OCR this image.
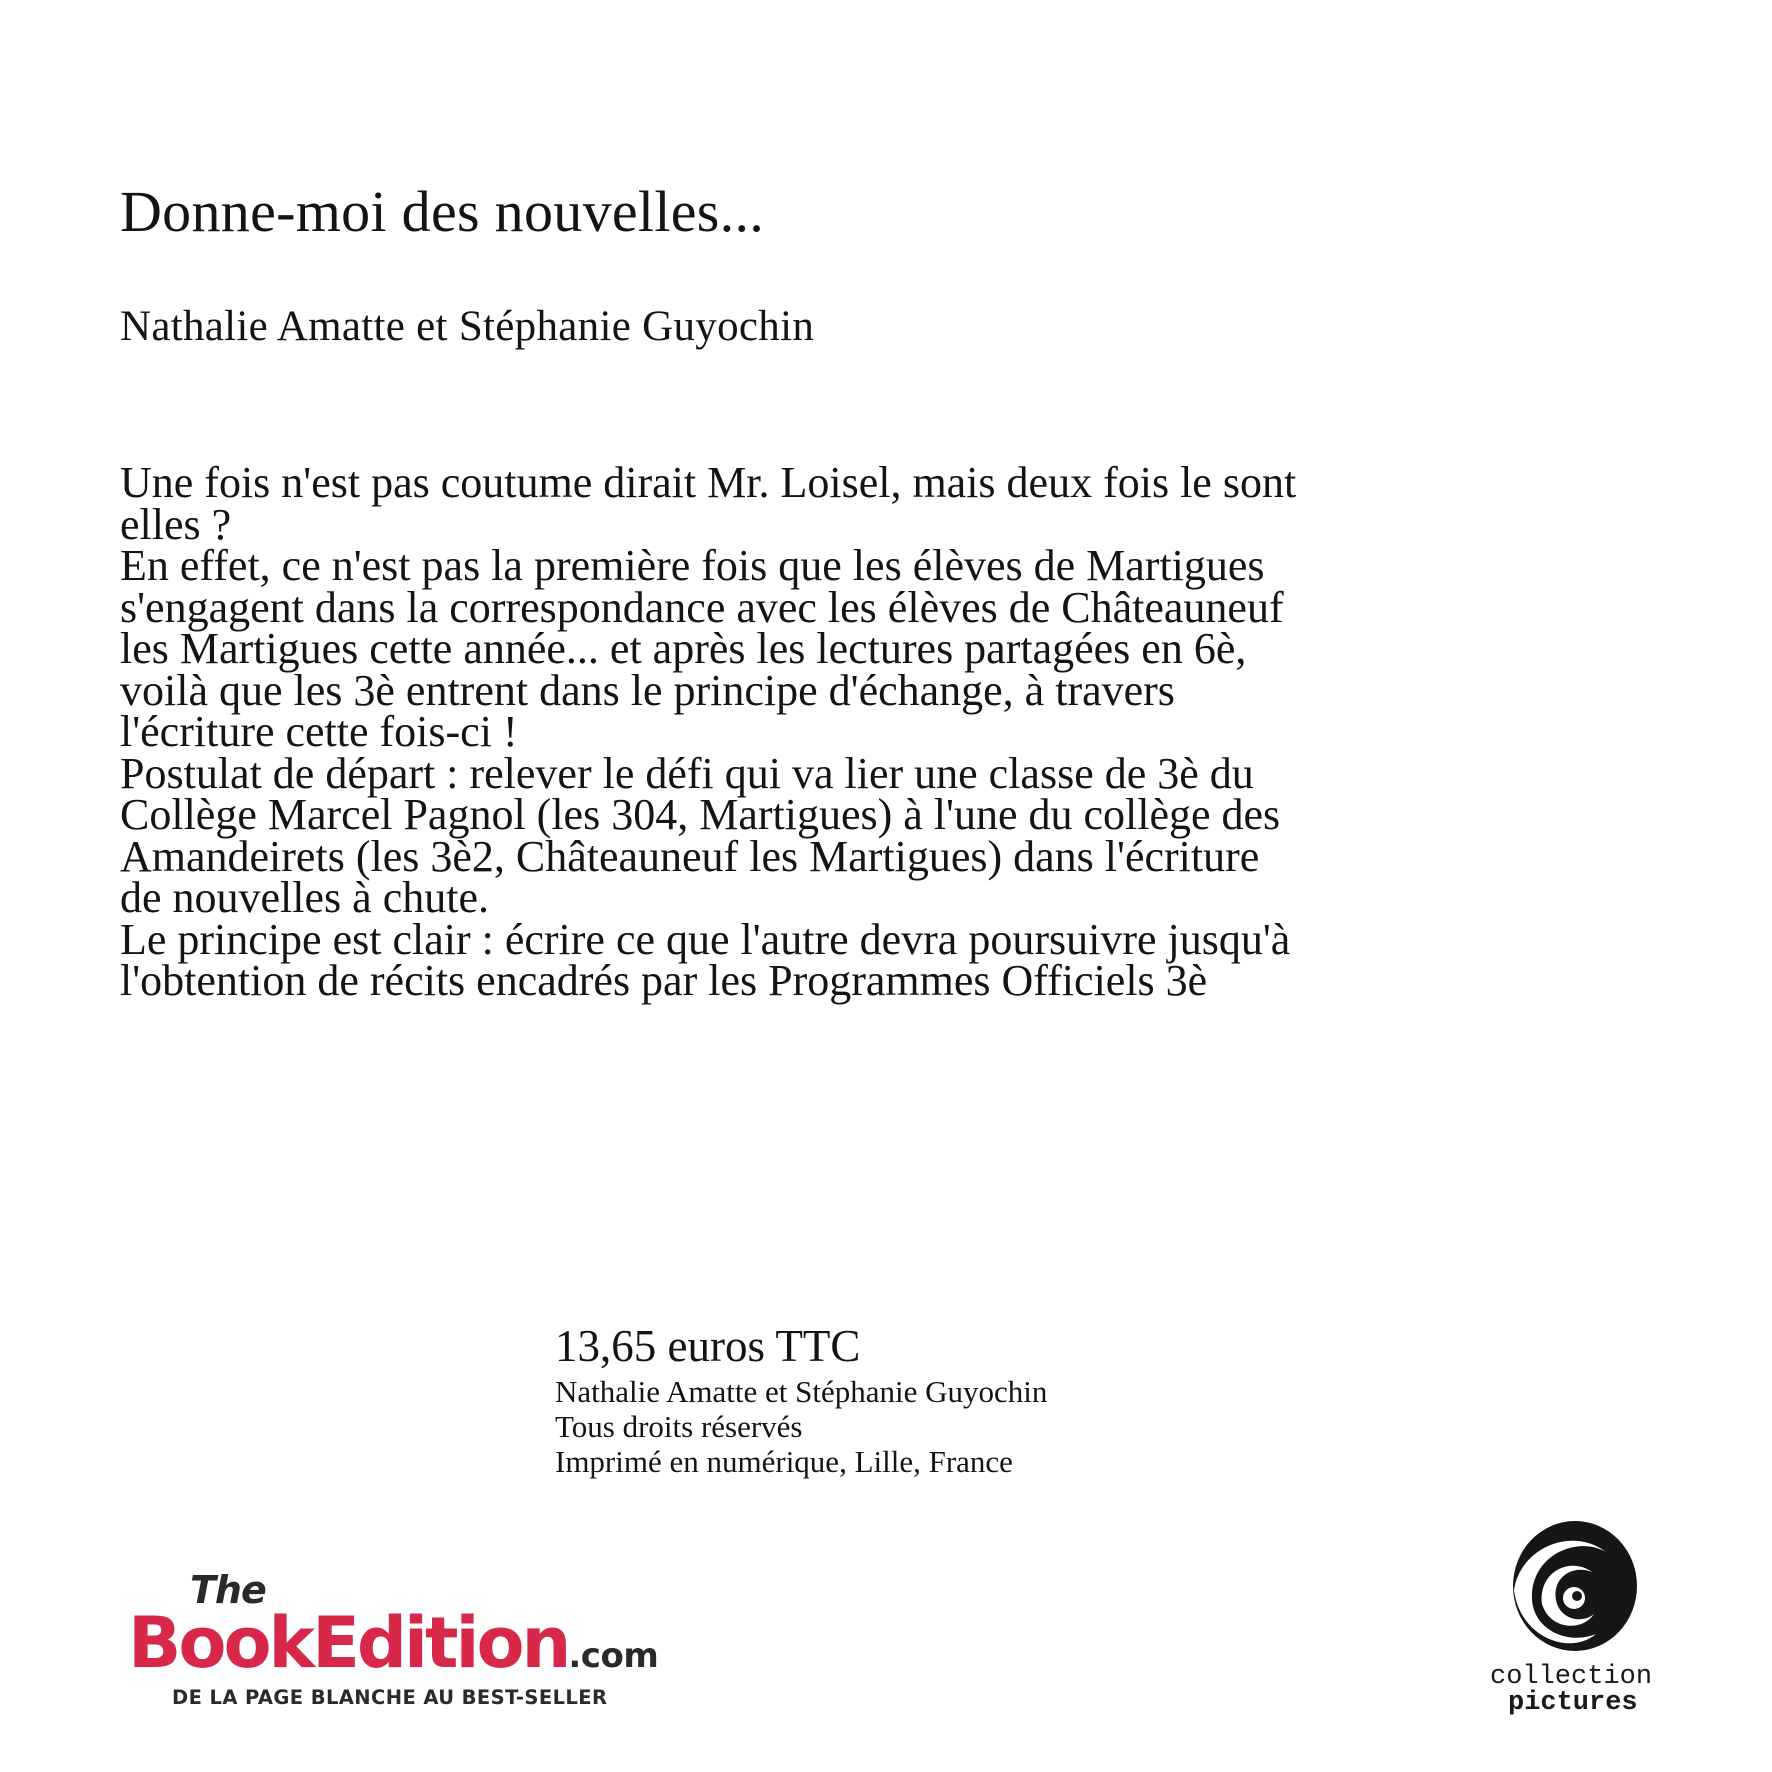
Donne-moi des nouvelles...
Nathalie Amatte et Stéphanie Guyochin

Une fois n'est pas coutume dirait Mr. Loisel, mais deux fois le sont elles ?

En effet, ce n'est pas la première fois que les élèves de Martigues s'engagent dans la correspondance avec les élèves de Châteauneuf les Martigues cette année... et après les lectures partagées en 6è, voilà que les 3è entrent dans le principe d'échange, à travers l'écriture cette fois-ci !

Postulat de départ : relever le défi qui va lier une classe de 3è du Collège Marcel Pagnol (les 304, Martigues) à l'une du collège des Amandeirets (les 3è2, Châteauneuf les Martigues) dans l'écriture de nouvelles à chute.

Le principe est clair : écrire ce que l'autre devra poursuivre jusqu'à l'obtention de récits encadrés par les Programmes Officiels 3è

13,65 euros TTC
Nathalie Amatte et Stéphanie Guyochin
Tous droits réservés
Imprimé en numérique, Lille, France
The
BookEdition.com
DE LA PAGE BLANCHE AU BEST-SELLER
collection
pictures
